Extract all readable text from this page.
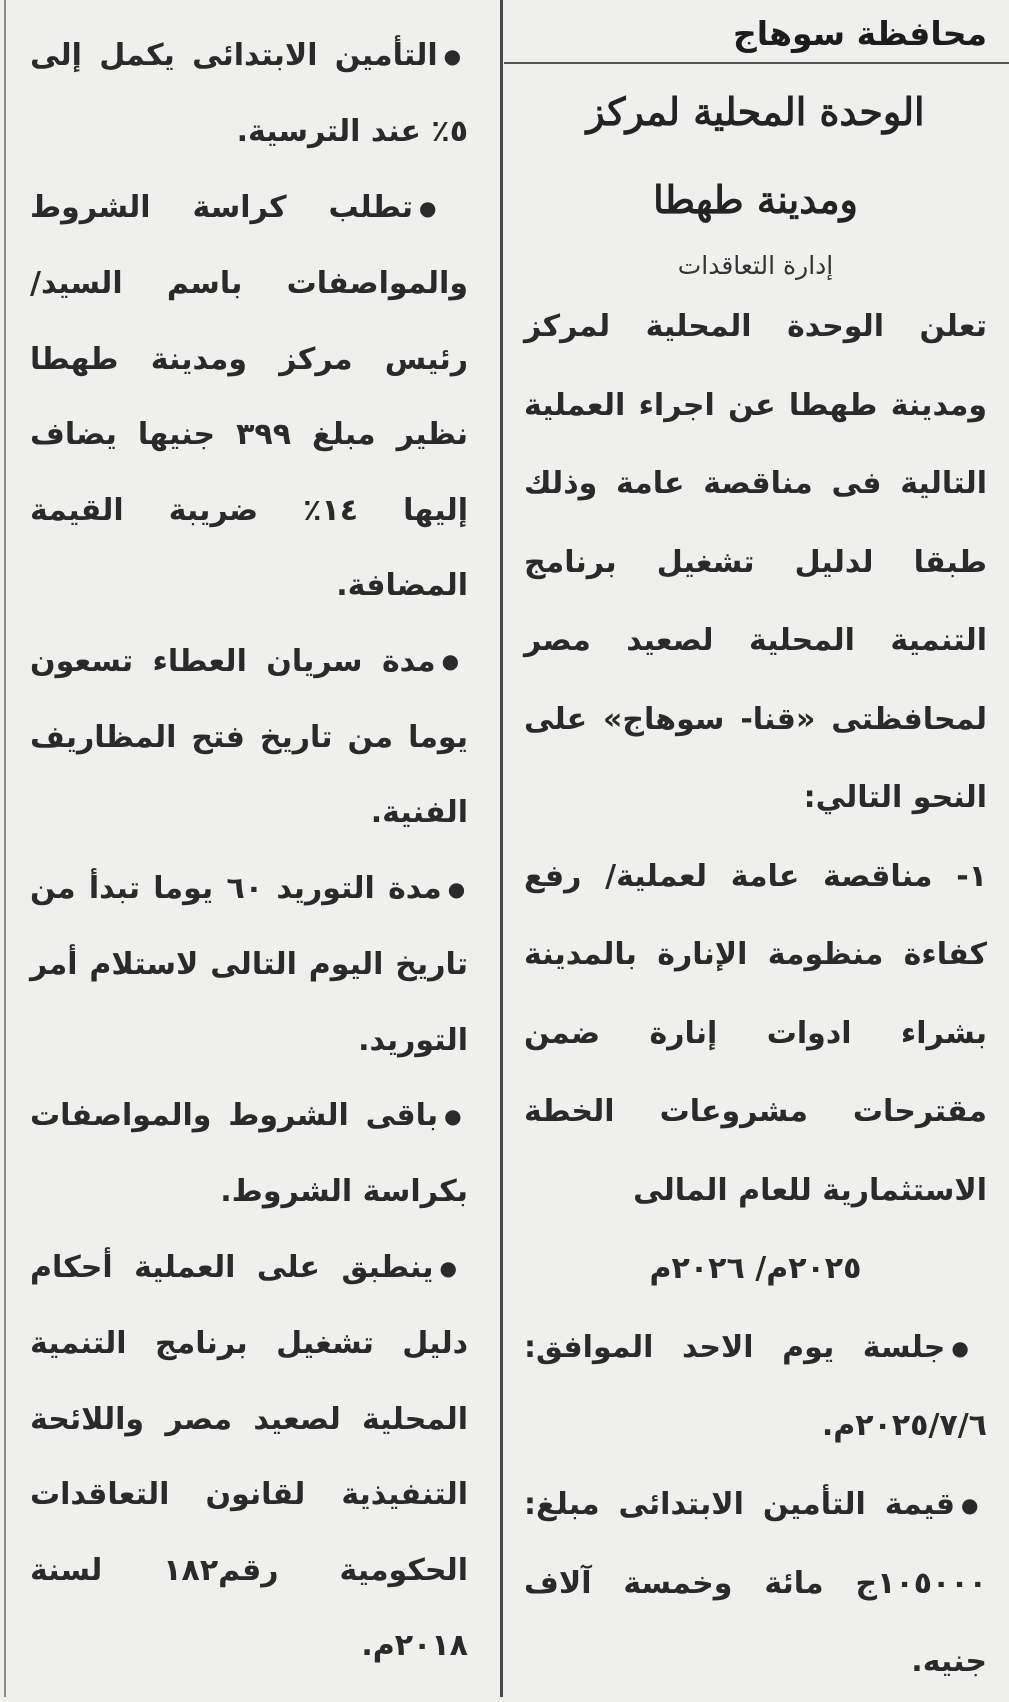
محافظة سوهاج
الوحدة المحلية لمركز
ومدينة طهطا
إدارة التعاقدات
تعلن الوحدة المحلية لمركز ومدينة طهطا عن اجراء العملية التالية فى مناقصة عامة وذلك طبقا لدليل تشغيل برنامج التنمية المحلية لصعيد مصر لمحافظتى «قنا- سوهاج» على النحو التالي:
١- مناقصة عامة لعملية/ رفع كفاءة منظومة الإنارة بالمدينة بشراء ادوات إنارة ضمن مقترحات مشروعات الخطة الاستثمارية للعام المالى
٢٠٢٥م/ ٢٠٢٦م
● جلسة يوم الاحد الموافق: ٢٠٢٥/٧/٦م.
● قيمة التأمين الابتدائى مبلغ: ١٠٥٠٠٠ج مائة وخمسة آلاف جنيه.
● التأمين الابتدائى يكمل إلى ٥٪ عند الترسية.
● تطلب كراسة الشروط والمواصفات باسم السيد/ رئيس مركز ومدينة طهطا نظير مبلغ ٣٩٩ جنيها يضاف إليها ١٤٪ ضريبة القيمة المضافة.
● مدة سريان العطاء تسعون يوما من تاريخ فتح المظاريف الفنية.
● مدة التوريد ٦٠ يوما تبدأ من تاريخ اليوم التالى لاستلام أمر التوريد.
● باقى الشروط والمواصفات بكراسة الشروط.
● ينطبق على العملية أحكام دليل تشغيل برنامج التنمية المحلية لصعيد مصر واللائحة التنفيذية لقانون التعاقدات الحكومية رقم١٨٢ لسنة ٢٠١٨م.
